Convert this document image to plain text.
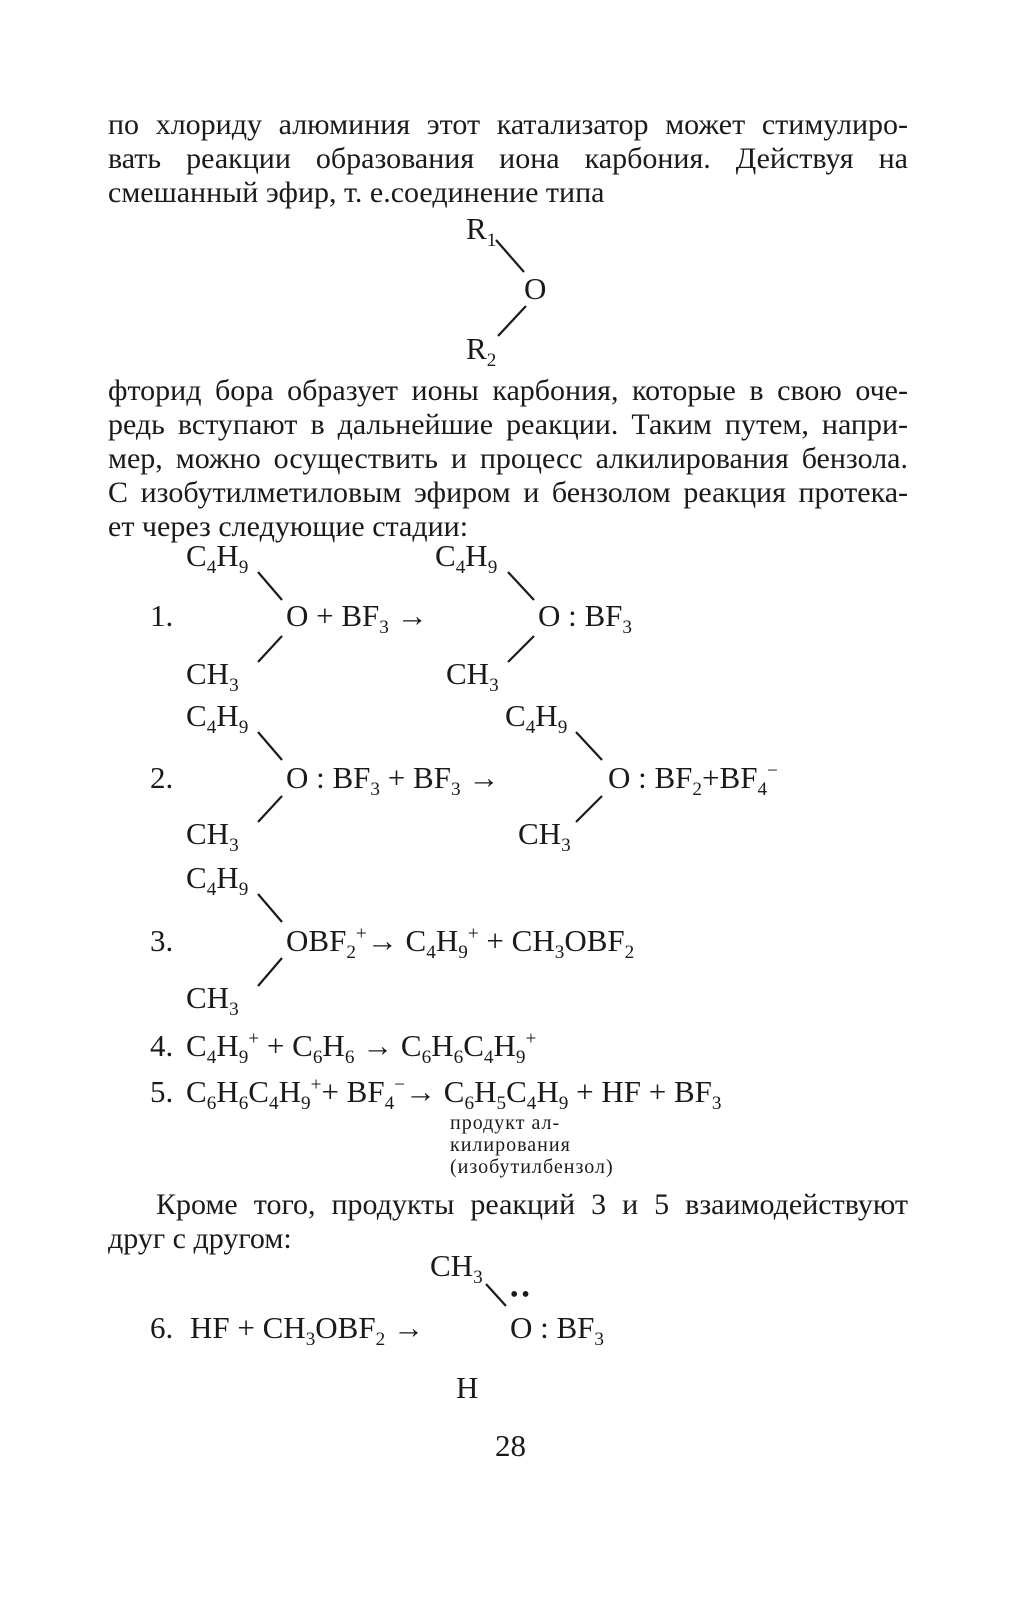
по хлориду алюминия этот катализатор может стимулиро-
вать реакции образования иона карбония. Действуя на
смешанный эфир, т. е.соединение типа
$R_1$
O
$R_2$
фторид бора образует ионы карбония, которые в свою оче-
редь вступают в дальнейшие реакции. Таким путем, напри-
мер, можно осуществить и процесс алкилирования бензола.
С изобутилметиловым эфиром и бензолом реакция протека-
ет через следующие стадии:
$C_4H_9$	$C_4H_9$
1.	$O + BF_3$ →	O : $BF_3$
$CH_3$	$CH_3$
$C_4H_9$	$C_4H_9$
2.	O : $BF_3 + BF_3$ →	O : $BF_2+BF_4^-$
$CH_3$	$CH_3$
$C_4H_9$
3.	$OBF_2^+\to C_4H_9^+ + CH_3OBF_2$
$CH_3$
4. $C_4H_9^+ + C_6H_6 \to C_6H_6C_4H_9^+$
5. $C_6H_6C_4H_9^++ BF_4^-\to C_6H_5C_4H_9$ + HF + $BF_3$
продукт ал-
килирования
(изобутилбензол)
Кроме того, продукты реакций 3 и 5 взаимодействуют
друг с другом:
$CH_3$
••
6. HF + $CH_3OBF_2$ →	O : $BF_3$
H
28
